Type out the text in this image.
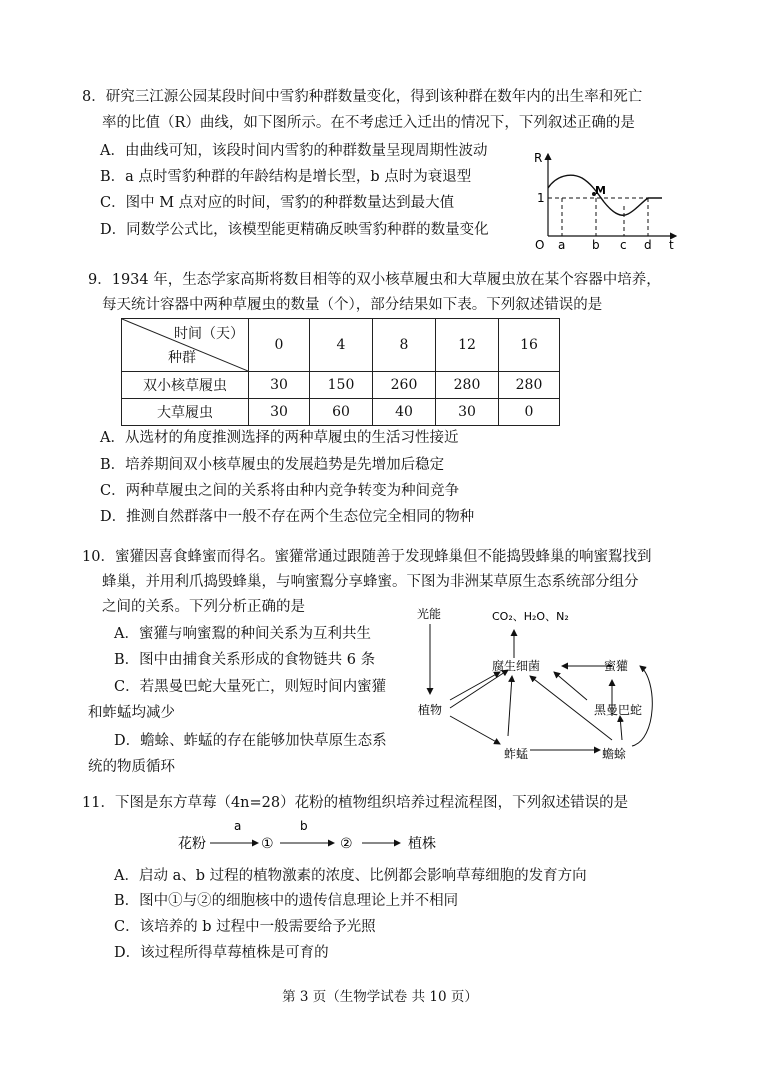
8．研究三江源公园某段时间中雪豹种群数量变化，得到该种群在数年内的出生率和死亡
率的比值（R）曲线，如下图所示。在不考虑迁入迁出的情况下，下列叙述正确的是
A．由曲线可知，该段时间内雪豹的种群数量呈现周期性波动
B．a 点时雪豹种群的年龄结构是增长型，b 点时为衰退型
C．图中 M 点对应的时间，雪豹的种群数量达到最大值
D．同数学公式比，该模型能更精确反映雪豹种群的数量变化
R
1
M
O a b c d t
9．1934 年，生态学家高斯将数目相等的双小核草履虫和大草履虫放在某个容器中培养，
每天统计容器中两种草履虫的数量（个），部分结果如下表。下列叙述错误的是
时间（天）
种群	0	4	8	12	16
双小核草履虫	30	150	260	280	280
大草履虫	30	60	40	30	0
A．从选材的角度推测选择的两种草履虫的生活习性接近
B．培养期间双小核草履虫的发展趋势是先增加后稳定
C．两种草履虫之间的关系将由种内竞争转变为种间竞争
D．推测自然群落中一般不存在两个生态位完全相同的物种
10．蜜獾因喜食蜂蜜而得名。蜜獾常通过跟随善于发现蜂巢但不能捣毁蜂巢的响蜜鴷找到
蜂巢，并用利爪捣毁蜂巢，与响蜜鴷分享蜂蜜。下图为非洲某草原生态系统部分组分
之间的关系。下列分析正确的是
A．蜜獾与响蜜鴷的种间关系为互利共生
B．图中由捕食关系形成的食物链共 6 条
C．若黑曼巴蛇大量死亡，则短时间内蜜獾
和蚱蜢均减少
D．蟾蜍、蚱蜢的存在能够加快草原生态系
统的物质循环
光能	CO₂、H₂O、N₂
腐生细菌	蜜獾
黑曼巴蛇
植物
蚱蜢	蟾蜍
11．下图是东方草莓（4n=28）花粉的植物组织培养过程流程图，下列叙述错误的是
花粉
a
①
b
②	植株
A．启动 a、b 过程的植物激素的浓度、比例都会影响草莓细胞的发育方向
B．图中①与②的细胞核中的遗传信息理论上并不相同
C．该培养的 b 过程中一般需要给予光照
D．该过程所得草莓植株是可育的
第 3 页（生物学试卷 共 10 页）
